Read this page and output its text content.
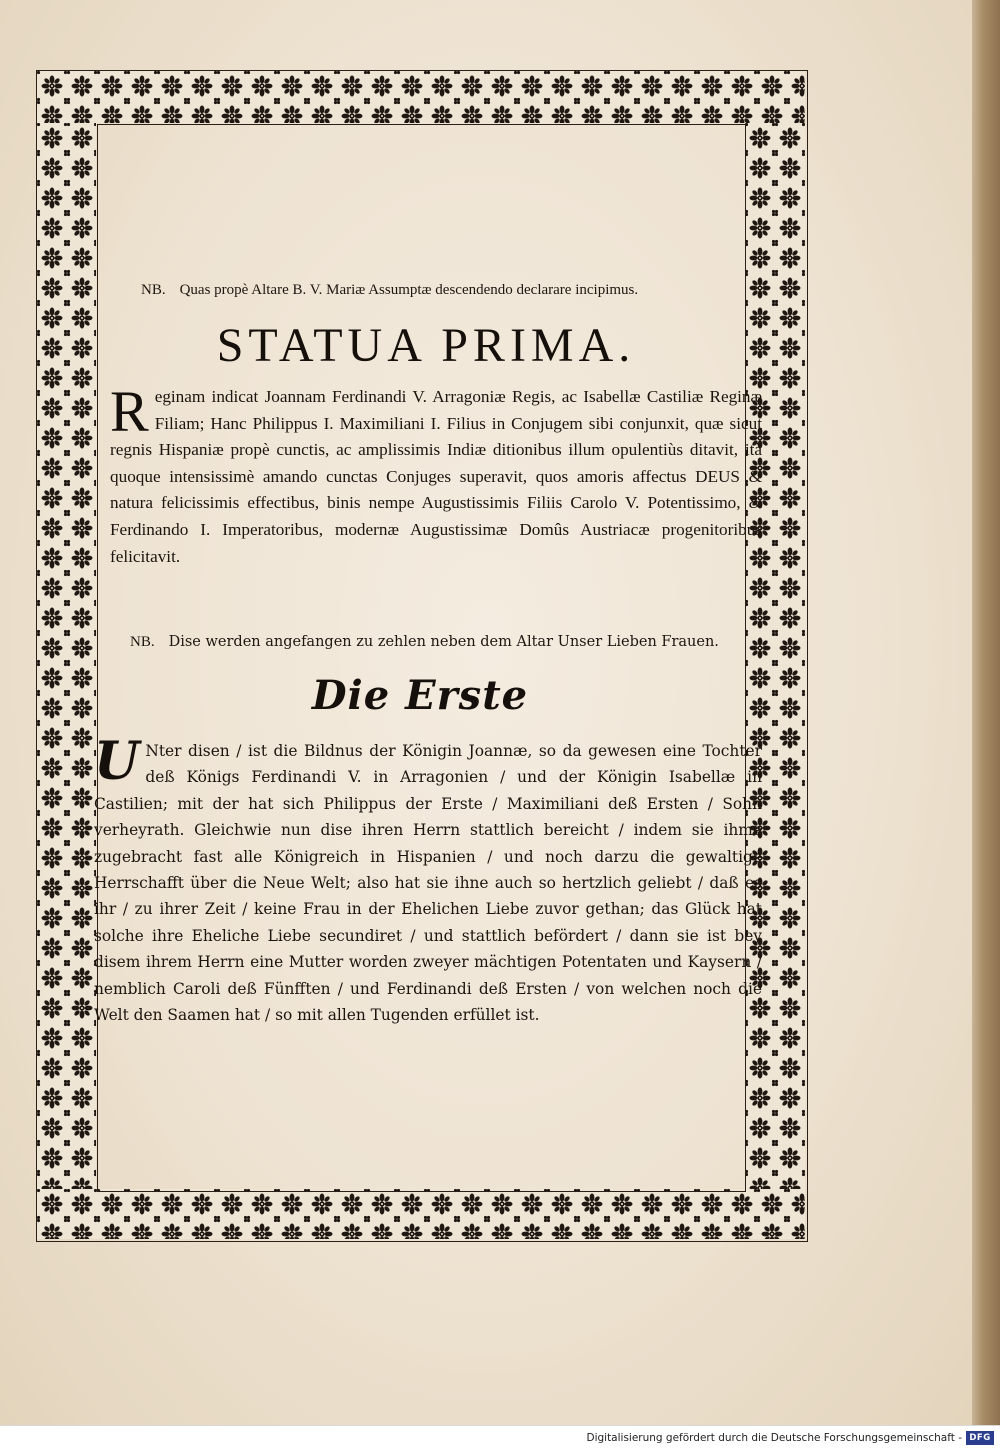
NB. Quas propè Altare B. V. Mariæ Assumptæ descendendo declarare incipimus.
STATUA PRIMA.
Reginam indicat Joannam Ferdinandi V. Arragoniæ Regis, ac Isabellæ Castiliæ Reginæ Filiam; Hanc Philippus I. Maximiliani I. Filius in Conjugem sibi conjunxit, quæ sicut regnis Hispaniæ propè cunctis, ac amplissimis Indiæ ditionibus illum opulentiùs ditavit, ità quoque intensissimè amando cunctas Conjuges superavit, quos amoris affectus DEUS & natura felicissimis effectibus, binis nempe Augustissimis Filiis Carolo V. Potentissimo, & Ferdinando I. Imperatoribus, modernæ Augustissimæ Domûs Austriacæ progenitoribus felicitavit.
NB. Dise werden angefangen zu zehlen neben dem Altar Unser Lieben Frauen.
Die Erste
U Nter disen / ist die Bildnus der Königin Joannæ, so da gewesen eine Tochter deß Königs Ferdinandi V. in Arragonien / und der Königin Isabellæ in Castilien; mit der hat sich Philippus der Erste / Maximiliani deß Ersten / Sohn verheyrath. Gleichwie nun dise ihren Herrn stattlich bereicht / indem sie ihme zugebracht fast alle Königreich in Hispanien / und noch darzu die gewaltige Herrschafft über die Neue Welt; also hat sie ihne auch so hertzlich geliebt / daß es ihr / zu ihrer Zeit / keine Frau in der Ehelichen Liebe zuvor gethan; das Glück hat solche ihre Eheliche Liebe secundiret / und stattlich befördert / dann sie ist bey disem ihrem Herrn eine Mutter worden zweyer mächtigen Potentaten und Kaysern / nemblich Caroli deß Fünfften / und Ferdinandi deß Ersten / von welchen noch die Welt den Saamen hat / so mit allen Tugenden erfüllet ist.
Digitalisierung gefördert durch die Deutsche Forschungsgemeinschaft - DFG
